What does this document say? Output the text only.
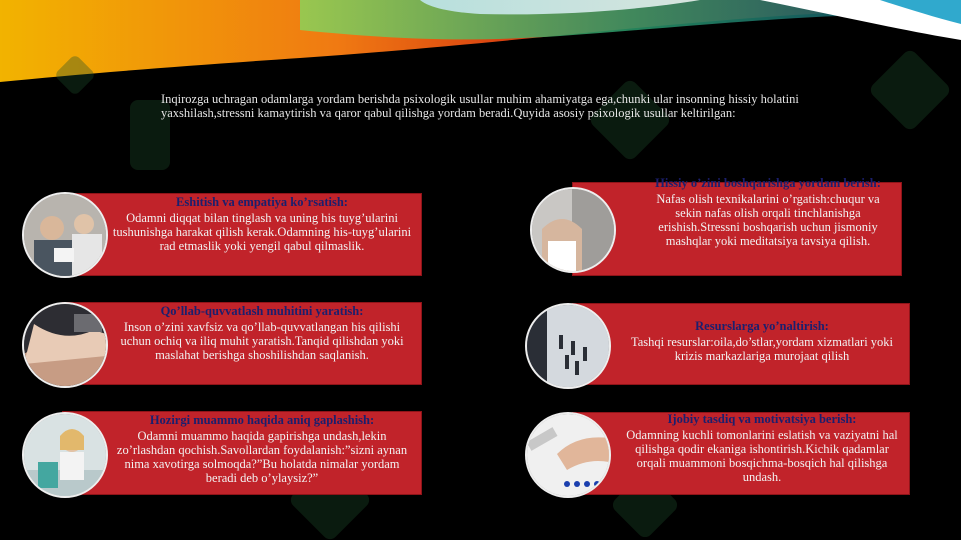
Inqirozga uchragan odamlarga yordam berishda psixologik usullar muhim ahamiyatga ega,chunki ular insonning hissiy holatini yaxshilash,stressni kamaytirish va qaror qabul qilishga yordam beradi.Quyida asosiy psixologik usullar keltirilgan:
Eshitish va empatiya ko’rsatish:
Odamni diqqat bilan tinglash va uning his tuyg’ularini tushunishga harakat qilish kerak.Odamning his-tuyg’ularini rad etmaslik yoki yengil qabul qilmaslik.
Qo’llab-quvvatlash muhitini yaratish:
Inson o’zini xavfsiz va qo’llab-quvvatlangan his qilishi uchun ochiq va iliq muhit yaratish.Tanqid qilishdan yoki maslahat berishga shoshilishdan saqlanish.
Hozirgi muammo haqida aniq gaplashish:
Odamni muammo haqida gapirishga undash,lekin zo’rlashdan qochish.Savollardan foydalanish:”sizni aynan nima xavotirga solmoqda?”Bu holatda nimalar yordam beradi deb o’ylaysiz?”
Hissiy o’zini boshqarishga yordam berish:
Nafas olish texnikalarini o’rgatish:chuqur va sekin nafas olish orqali tinchlanishga erishish.Stressni boshqarish uchun jismoniy mashqlar yoki meditatsiya tavsiya qilish.
Resurslarga yo’naltirish:
Tashqi resurslar:oila,do’stlar,yordam xizmatlari yoki krizis markazlariga murojaat qilish
Ijobiy tasdiq va motivatsiya berish:
Odamning kuchli tomonlarini eslatish va vaziyatni hal qilishga qodir ekaniga ishontirish.Kichik qadamlar orqali muammoni bosqichma-bosqich hal qilishga undash.
